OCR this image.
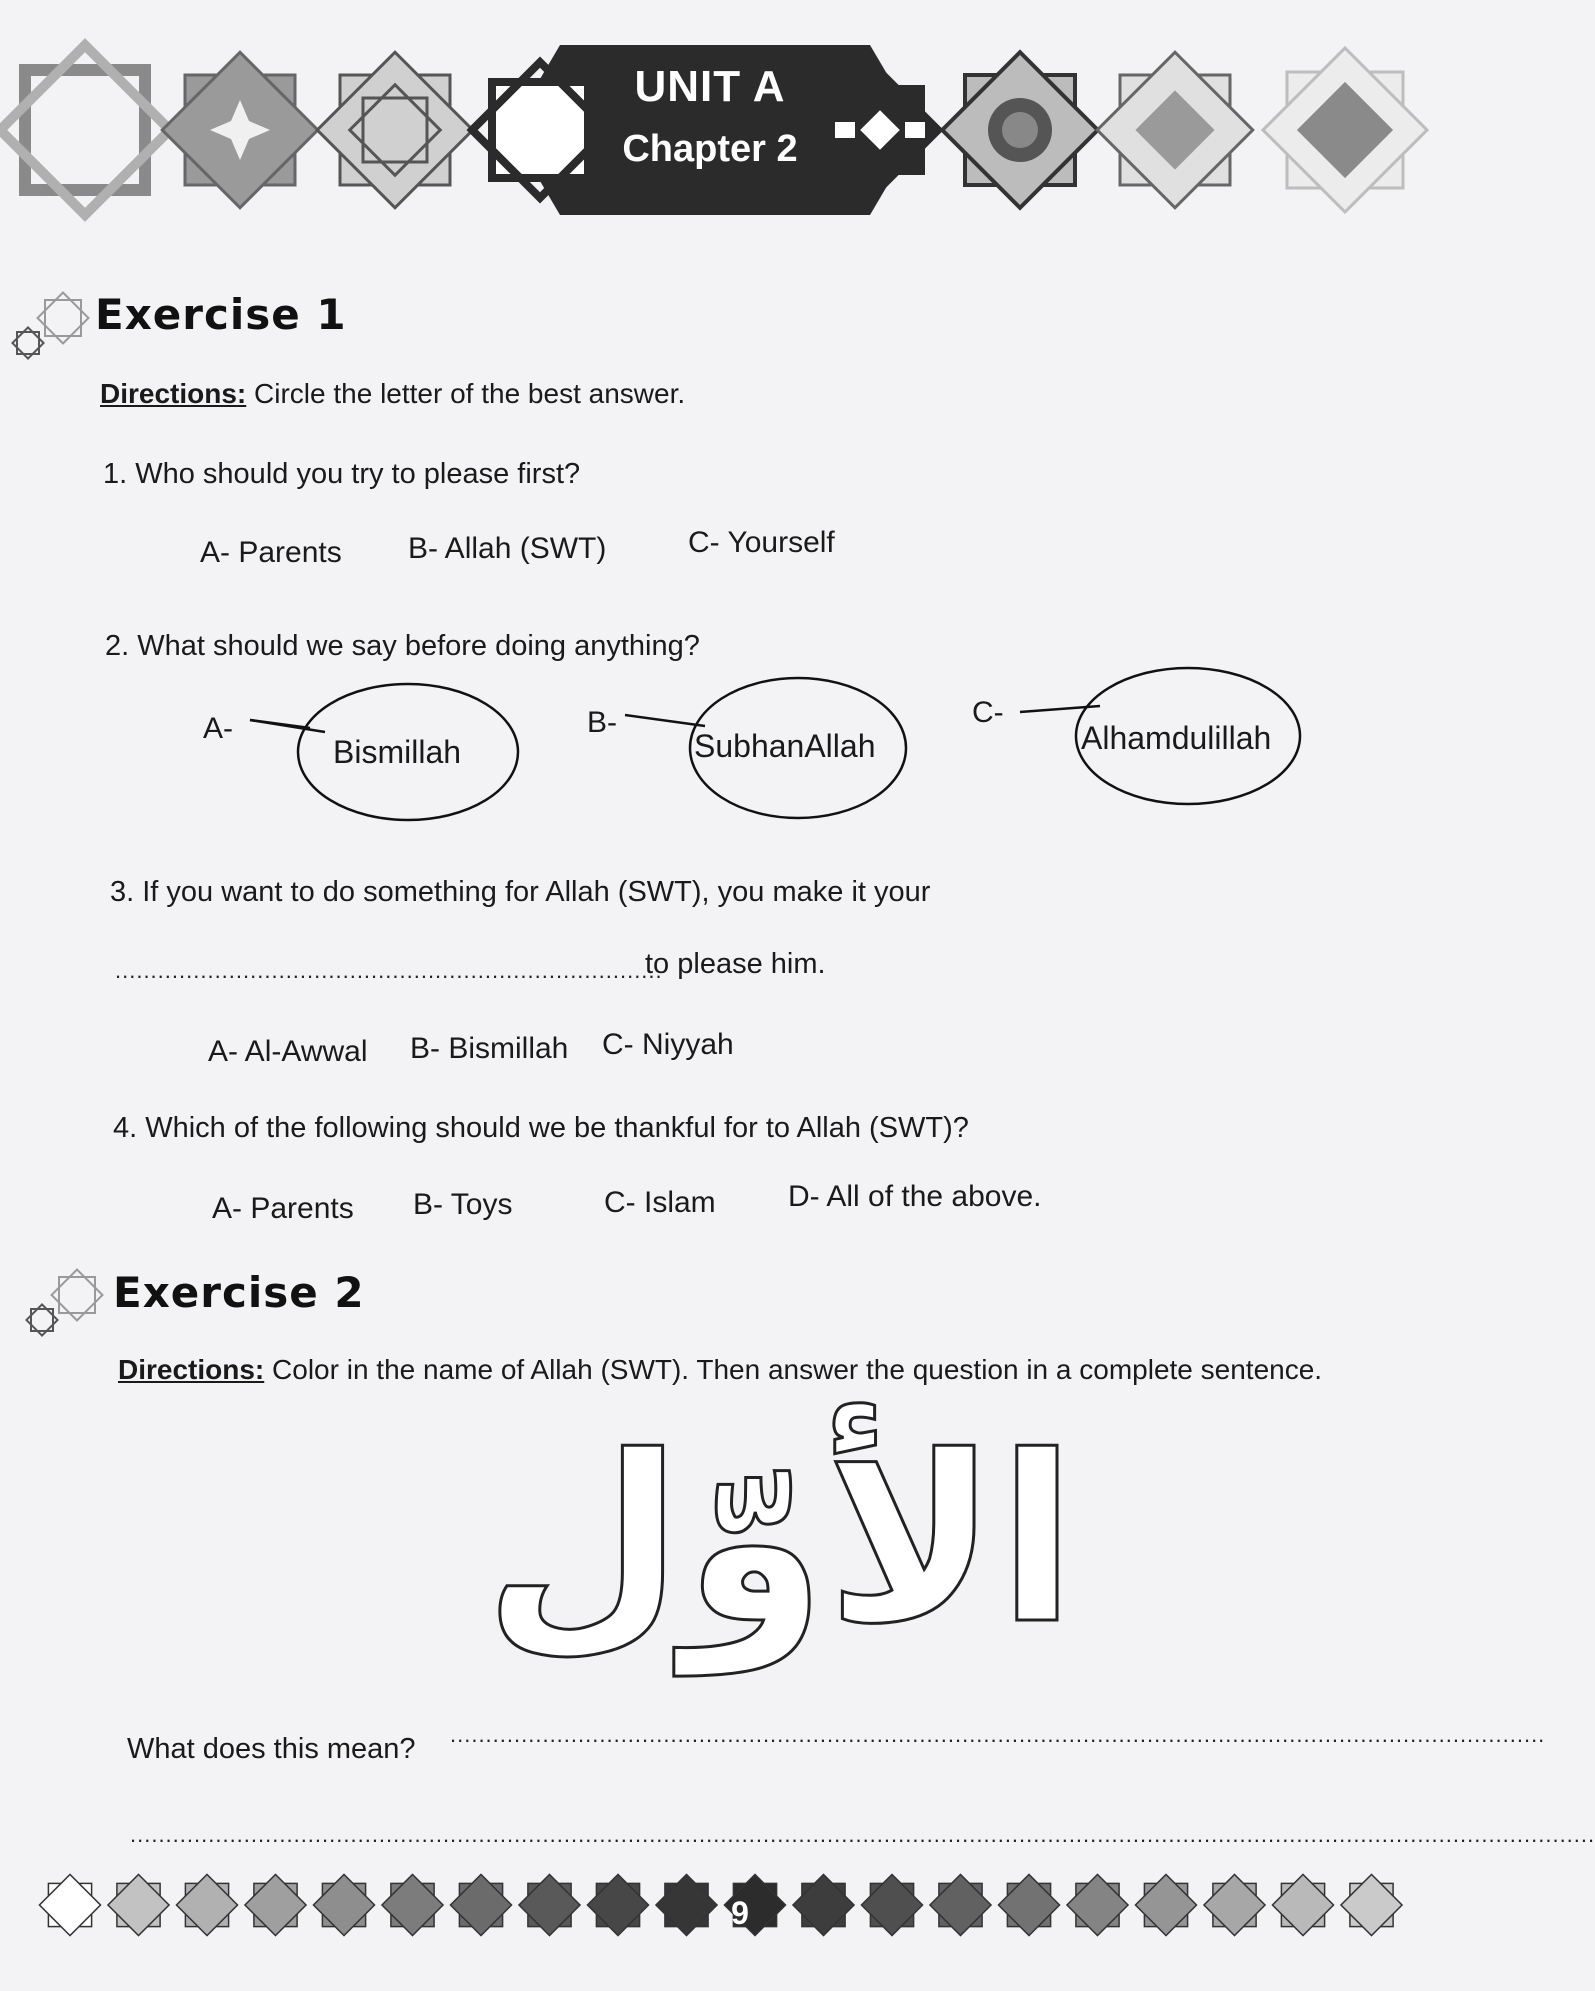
UNIT A
Chapter 2
Exercise 1
Directions: Circle the letter of the best answer.
1. Who should you try to please first?
A- Parents B- Allah (SWT)	C- Yourself
2. What should we say before doing anything?
A-	B-	C-
Bismillah	SubhanAllah	Alhamdulillah
3. If you want to do something for Allah (SWT), you make it your
.............................................................................
to please him.
A- Al-Awwal B- Bismillah C- Niyyah
4. Which of the following should we be thankful for to Allah (SWT)?
A- Parents B- Toys	C- Islam D- All of the above.
Exercise 2
Directions: Color in the name of Allah (SWT). Then answer the question in a complete sentence.
الأوّل
What does this mean? ..........................................................................................................................................................
..............................................................................................................................................................................................................
9
